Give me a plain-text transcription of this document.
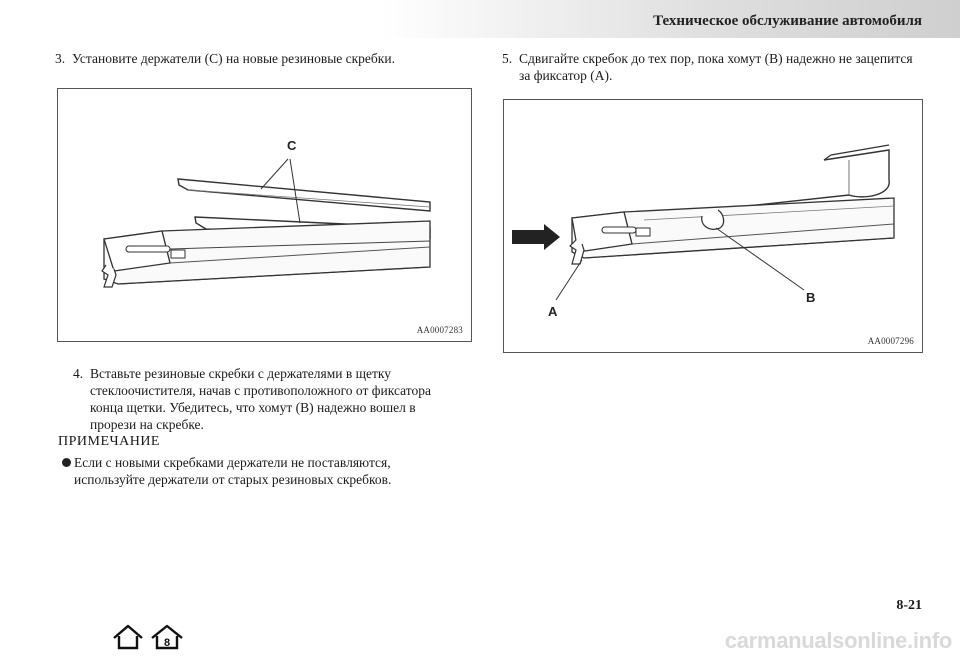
Техническое обслуживание автомобиля
3. Установите держатели (C) на новые резиновые скребки.
C
AA0007283
4. Вставьте резиновые скребки с держателями в щетку стеклоочистителя, начав с противоположного от фиксатора конца щетки. Убедитесь, что хомут (B) надежно вошел в прорези на скребке.
ПРИМЕЧАНИЕ
Если с новыми скребками держатели не поставляются, используйте держатели от старых резиновых скребков.
5. Сдвигайте скребок до тех пор, пока хомут (B) надежно не зацепится за фиксатор (A).
A
B
AA0007296
8-21
8	carmanualsonline.info
